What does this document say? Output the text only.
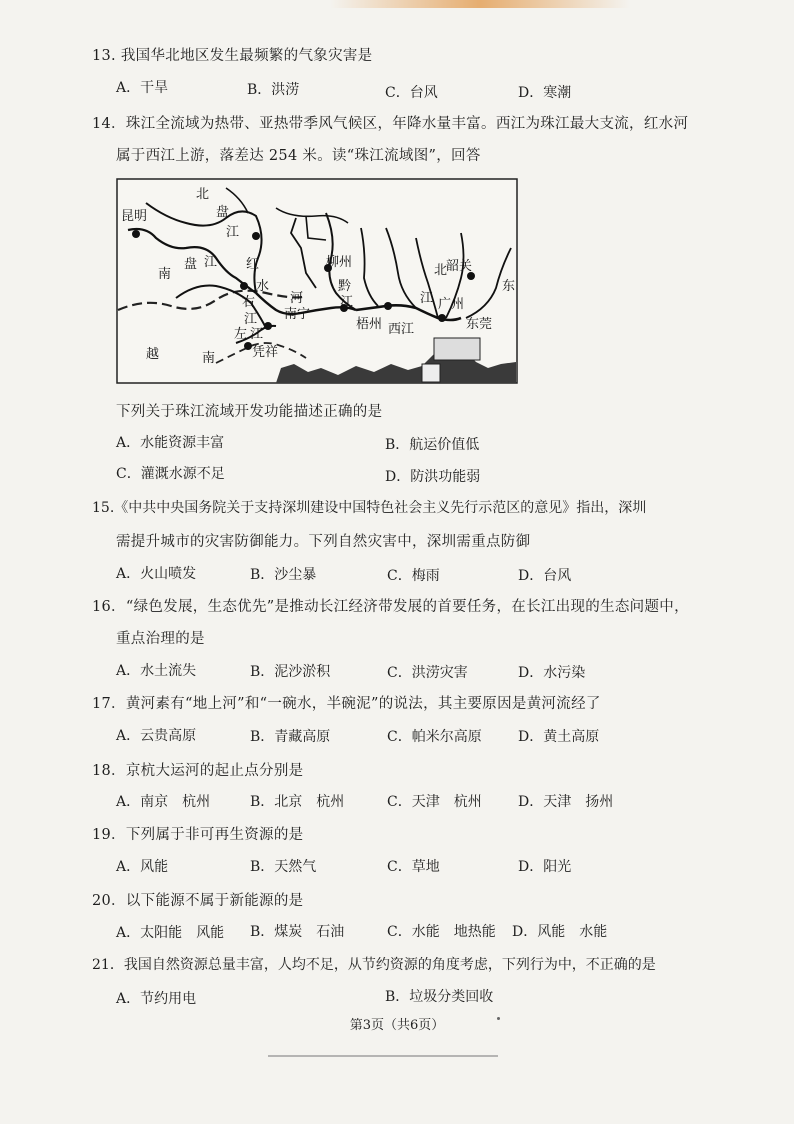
13. 我国华北地区发生最频繁的气象灾害是
A．干旱	B．洪涝	C．台风	D．寒潮
14．珠江全流域为热带、亚热带季风气候区，年降水量丰富。西江为珠江最大支流，红水河
属于西江上游，落差达 254 米。读“珠江流域图”，回答
昆明
北
盘
江
南
盘 江 红
水
河
右
江
左 江
南宁
凭祥
柳州
黔
江
梧州 西江
北
江
韶关
广州
东莞
东
越	南
下列关于珠江流域开发功能描述正确的是
A．水能资源丰富	B．航运价值低
C．灌溉水源不足	D．防洪功能弱
15.《中共中央国务院关于支持深圳建设中国特色社会主义先行示范区的意见》指出，深圳
需提升城市的灾害防御能力。下列自然灾害中，深圳需重点防御
A．火山喷发	B．沙尘暴	C．梅雨	D．台风
16．“绿色发展，生态优先”是推动长江经济带发展的首要任务，在长江出现的生态问题中，
重点治理的是
A．水土流失	B．泥沙淤积	C．洪涝灾害	D．水污染
17．黄河素有“地上河”和“一碗水，半碗泥”的说法，其主要原因是黄河流经了
A．云贵高原	B．青藏高原	C．帕米尔高原	D．黄土高原
18．京杭大运河的起止点分别是
A．南京　杭州	B．北京　杭州	C．天津　杭州	D．天津　扬州
19．下列属于非可再生资源的是
A．风能	B．天然气	C．草地	D．阳光
20．以下能源不属于新能源的是
A．太阳能　风能 B．煤炭　石油	C．水能　地热能 D．风能　水能
21．我国自然资源总量丰富，人均不足，从节约资源的角度考虑，下列行为中，不正确的是
A．节约用电	B．垃圾分类回收
第3页（共6页）
